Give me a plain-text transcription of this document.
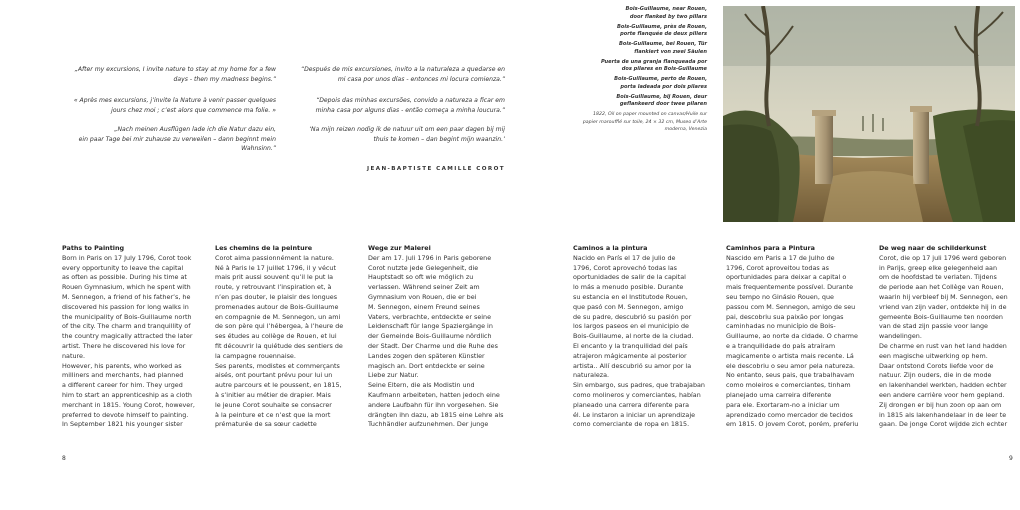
„After my excursions, I invite nature to stay at my home for a few
days - then my madness begins.”

“Después de mis excursiones, invito a la naturaleza a quedarse en
mi casa por unos días - entonces mi locura comienza.”

« Après mes excursions, j’invite la Nature à venir passer quelques
jours chez moi ; c’est alors que commence ma folie. »

“Depois das minhas excursões, convido a natureza a ficar em
minha casa por alguns dias - então começa a minha loucura.”

„Nach meinen Ausflügen lade ich die Natur dazu ein,
ein paar Tage bei mir zuhause zu verweilen – dann beginnt mein
Wahnsinn.”

‘Na mijn reizen nodig ik de natuur uit om een paar dagen bij mij
thuis te komen – dan begint mijn waanzin.’

JEAN-BAPTISTE CAMILLE COROT

Bois-Guillaume, near Rouen,
door flanked by two pillars

Bois-Guillaume, près de Rouen,
porte flanquée de deux piliers

Bois-Guillaume, bei Rouen, Tür
flankiert von zwei Säulen

Puerta de una granja flanqueada por
dos pilares en Bois-Guillaume

Bois-Guillaume, perto de Rouen,
porta ladeada por dois pilares

Bois-Guillaume, bij Rouen, deur
geflankeerd door twee pilaren

1822, Oil on paper mounted on canvas/Huile sur
papier maroufflé sur toile, 24 × 32 cm, Museo d’Arte
moderna, Venezia

Paths to Painting

Born in Paris on 17 July 1796, Corot took
every opportunity to leave the capital
as often as possible. During his time at
Rouen Gymnasium, which he spent with
M. Sennegon, a friend of his father’s, he
discovered his passion for long walks in
the municipality of Bois-Guillaume north
of the city. The charm and tranquillity of
the country magically attracted the later
artist. There he discovered his love for
nature.
However, his parents, who worked as
milliners and merchants, had planned
a different career for him. They urged
him to start an apprenticeship as a cloth
merchant in 1815. Young Corot, however,
preferred to devote himself to painting.
In September 1821 his younger sister

Les chemins de la peinture

Corot aima passionnément la nature.
Né à Paris le 17 juillet 1796, il y vécut
mais prit aussi souvent qu’il le put la
route, y retrouvant l’inspiration et, à
n’en pas douter, le plaisir des longues
promenades autour de Bois-Guillaume
en compagnie de M. Sennegon, un ami
de son père qui l’hébergea, à l’heure de
ses études au collège de Rouen, et lui
fit découvrir la quiétude des sentiers de
la campagne rouennaise.
Ses parents, modistes et commerçants
aisés, ont pourtant prévu pour lui un
autre parcours et le poussent, en 1815,
à s’initier au métier de drapier. Mais
le jeune Corot souhaite se consacrer
à la peinture et ce n’est que la mort
prématurée de sa sœur cadette

Wege zur Malerei

Der am 17. Juli 1796 in Paris geborene
Corot nutzte jede Gelegenheit, die
Hauptstadt so oft wie möglich zu
verlassen. Während seiner Zeit am
Gymnasium von Rouen, die er bei
M. Sennegon, einem Freund seines
Vaters, verbrachte, entdeckte er seine
Leidenschaft für lange Spaziergänge in
der Gemeinde Bois-Guillaume nördlich
der Stadt. Der Charme und die Ruhe des
Landes zogen den späteren Künstler
magisch an. Dort entdeckte er seine
Liebe zur Natur.
Seine Eltern, die als Modistin und
Kaufmann arbeiteten, hatten jedoch eine
andere Laufbahn für ihn vorgesehen. Sie
drängten ihn dazu, ab 1815 eine Lehre als
Tuchhändler aufzunehmen. Der junge

Caminos a la pintura

Nacido en París el 17 de julio de
1796, Corot aprovechó todas las
oportunidades de salir de la capital
lo más a menudo posible. Durante
su estancia en el Institutode Rouen,
que pasó con M. Sennegon, amigo
de su padre, descubrió su pasión por
los largos paseos en el municipio de
Bois-Guillaume, al norte de la ciudad.
El encanto y la tranquilidad del país
atrajeron mágicamente al posterior
artista.. Allí descubrió su amor por la
naturaleza.
Sin embargo, sus padres, que trabajaban
como molineros y comerciantes, habían
planeado una carrera diferente para
él. Le instaron a iniciar un aprendizaje
como comerciante de ropa en 1815.

Caminhos para a Pintura

Nascido em Paris a 17 de Julho de
1796, Corot aproveitou todas as
oportunidades para deixar a capital o
mais frequentemente possível. Durante
seu tempo no Ginásio Rouen, que
passou com M. Sennegon, amigo de seu
pai, descobriu sua paixão por longas
caminhadas no município de Bois-
Guillaume, ao norte da cidade. O charme
e a tranquilidade do país atraíram
magicamente o artista mais recente. Lá
ele descobriu o seu amor pela natureza.
No entanto, seus pais, que trabalhavam
como moleiros e comerciantes, tinham
planejado uma carreira diferente
para ele. Exortaram-no a iniciar um
aprendizado como mercador de tecidos
em 1815. O jovem Corot, porém, preferiu

De weg naar de schilderkunst

Corot, die op 17 juli 1796 werd geboren
in Parijs, greep elke gelegenheid aan
om de hoofdstad te verlaten. Tijdens
de periode aan het Collège van Rouen,
waarin hij verbleef bij M. Sennegon, een
vriend van zijn vader, ontdekte hij in de
gemeente Bois-Guillaume ten noorden
van de stad zijn passie voor lange
wandelingen.
De charme en rust van het land hadden
een magische uitwerking op hem.
Daar ontstond Corots liefde voor de
natuur. Zijn ouders, die in de mode
en lakenhandel werkten, hadden echter
een andere carrière voor hem gepland.
Zij drongen er bij hun zoon op aan om
in 1815 als lakenhandelaar in de leer te
gaan. De jonge Corot wijdde zich echter

8	9
